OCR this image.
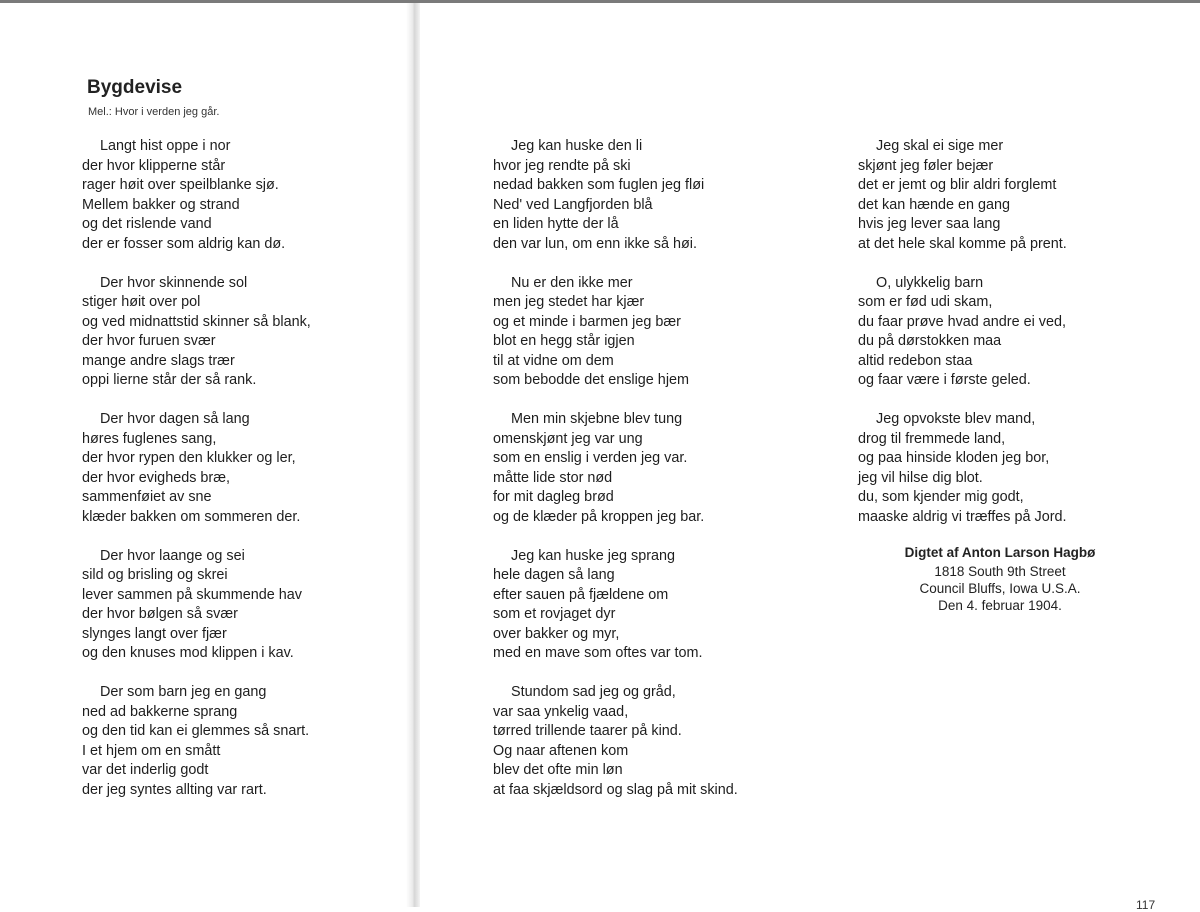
Bygdevise

Mel.: Hvor i verden jeg går.

Langt hist oppe i nor
der hvor klipperne står
rager høit over speilblanke sjø.
Mellem bakker og strand
og det rislende vand
der er fosser som aldrig kan dø.
Der hvor skinnende sol
stiger høit over pol
og ved midnattstid skinner så blank,
der hvor furuen svær
mange andre slags trær
oppi lierne står der så rank.
Der hvor dagen så lang
høres fuglenes sang,
der hvor rypen den klukker og ler,
der hvor evigheds bræ,
sammenføiet av sne
klæder bakken om sommeren der.
Der hvor laange og sei
sild og brisling og skrei
lever sammen på skummende hav
der hvor bølgen så svær
slynges langt over fjær
og den knuses mod klippen i kav.
Der som barn jeg en gang
ned ad bakkerne sprang
og den tid kan ei glemmes så snart.
I et hjem om en smått
var det inderlig godt
der jeg syntes allting var rart.
Jeg kan huske den li
hvor jeg rendte på ski
nedad bakken som fuglen jeg fløi
Ned' ved Langfjorden blå
en liden hytte der lå
den var lun, om enn ikke så høi.
Nu er den ikke mer
men jeg stedet har kjær
og et minde i barmen jeg bær
blot en hegg står igjen
til at vidne om dem
som bebodde det enslige hjem
Men min skjebne blev tung
omenskjønt jeg var ung
som en enslig i verden jeg var.
måtte lide stor nød
for mit dagleg brød
og de klæder på kroppen jeg bar.
Jeg kan huske jeg sprang
hele dagen så lang
efter sauen på fjældene om
som et rovjaget dyr
over bakker og myr,
med en mave som oftes var tom.
Stundom sad jeg og gråd,
var saa ynkelig vaad,
tørred trillende taarer på kind.
Og naar aftenen kom
blev det ofte min løn
at faa skjældsord og slag på mit skind.
Jeg skal ei sige mer
skjønt jeg føler bejær
det er jemt og blir aldri forglemt
det kan hænde en gang
hvis jeg lever saa lang
at det hele skal komme på prent.
O, ulykkelig barn
som er fød udi skam,
du faar prøve hvad andre ei ved,
du på dørstokken maa
altid redebon staa
og faar være i første geled.
Jeg opvokste blev mand,
drog til fremmede land,
og paa hinside kloden jeg bor,
jeg vil hilse dig blot.
du, som kjender mig godt,
maaske aldrig vi træffes på Jord.
Digtet af Anton Larson Hagbø
1818 South 9th Street
Council Bluffs, Iowa U.S.A.
Den 4. februar 1904.
117
